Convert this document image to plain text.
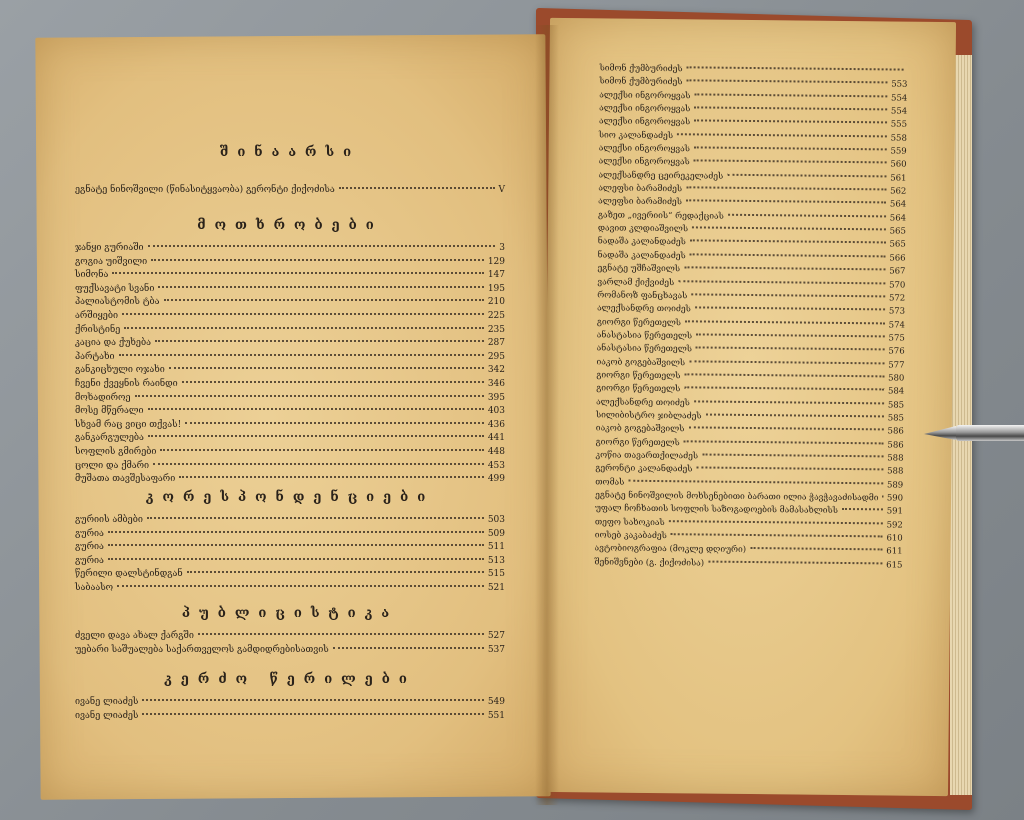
შინაარსი
ეგნატე ნინოშვილი (წინასიტყვაობა) გერონტი ქიქოძისა	V
მოთხრობები
ჯანყი გურიაში	3
გოგია უიშვილი	129
სიმონა	147
ფუქსავატი სვანი	195
პალიასტომის ტბა	210
არშიყები	225
ქრისტინე	235
კაცია და ქუხება	287
პარტახი	295
განკიცხული ოჯახი	342
ჩვენი ქვეყნის რაინდი	346
მოხადიროე	395
მოსე მწერალი	403
სხვამ რაც ვიცი თქვას!	436
განკარგულება	441
სოფლის გმირები	448
ცოლი და ქმარი	453
მუშათა თავშესაფარი	499
კორესპონდენციები
გურიის ამბები	503
გურია	509
გურია	511
გურია	513
წერილი დალსტინდგან	515
საბაასო	521
პუბლიცისტიკა
ძველი დავა ახალ ქარგში	527
უებარი საშუალება საქართველოს გამდიდრებისათვის	537
კერძო წერილები
ივანე ლიაძეს	549
ივანე ლიაძეს	551
სიმონ ქუმბურიძეს
სიმონ ქუმბურიძეს	553
ალექსი ინგოროყვას	554
ალექსი ინგოროყვას	554
ალექსი ინგოროყვას	555
სიო კალანდაძეს	558
ალექსი ინგოროყვას	559
ალექსი ინგოროყვას	560
ალექსანდრე ცეირეკელაძეს	561
ალეფსი ბარამიძეს	562
ალეფსი ბარამიძეს	564
გაზეთ „ივერიის“ რედაქციას	564
დავით კლდიაშვილს	565
ნადაშა კალანდაძეს	565
ნადაშა კალანდაძეს	566
ეგნატე უშჩაშვილს	567
ვარლამ ქიქვიძეს	570
რომანოზ ფანცხავას	572
ალექსანდრე თოიძეს	573
გიორგი წერეთელს	574
ანასტასია წერეთელს	575
ანასტასია წერეთელს	576
იაკობ გოგებაშვილს	577
გიორგი წერეთელს	580
გიორგი წერეთელს	584
ალექსანდრე თოიძეს	585
სილიბისტრო ჯიბლაძეს	585
იაკობ გოგებაშვილს	586
გიორგი წერეთელს	586
კოწია თავართქილაძეს	588
გერონტი კალანდაძეს	588
თომას	589
ეგნატე ნინოშვილის მოხსენებითი ბარათი ილია ჭავჭავაძისადმი 590
უფალ ჩოჩხათის სოფლის საზოგადოების მამასახლისს	591
თეფო სახოკიას	592
იოსებ კაკაბაძეს	610
ავტობიოგრაფია (მოკლე დღიური)	611
შენიშვნები (გ. ქიქოძისა)	615
